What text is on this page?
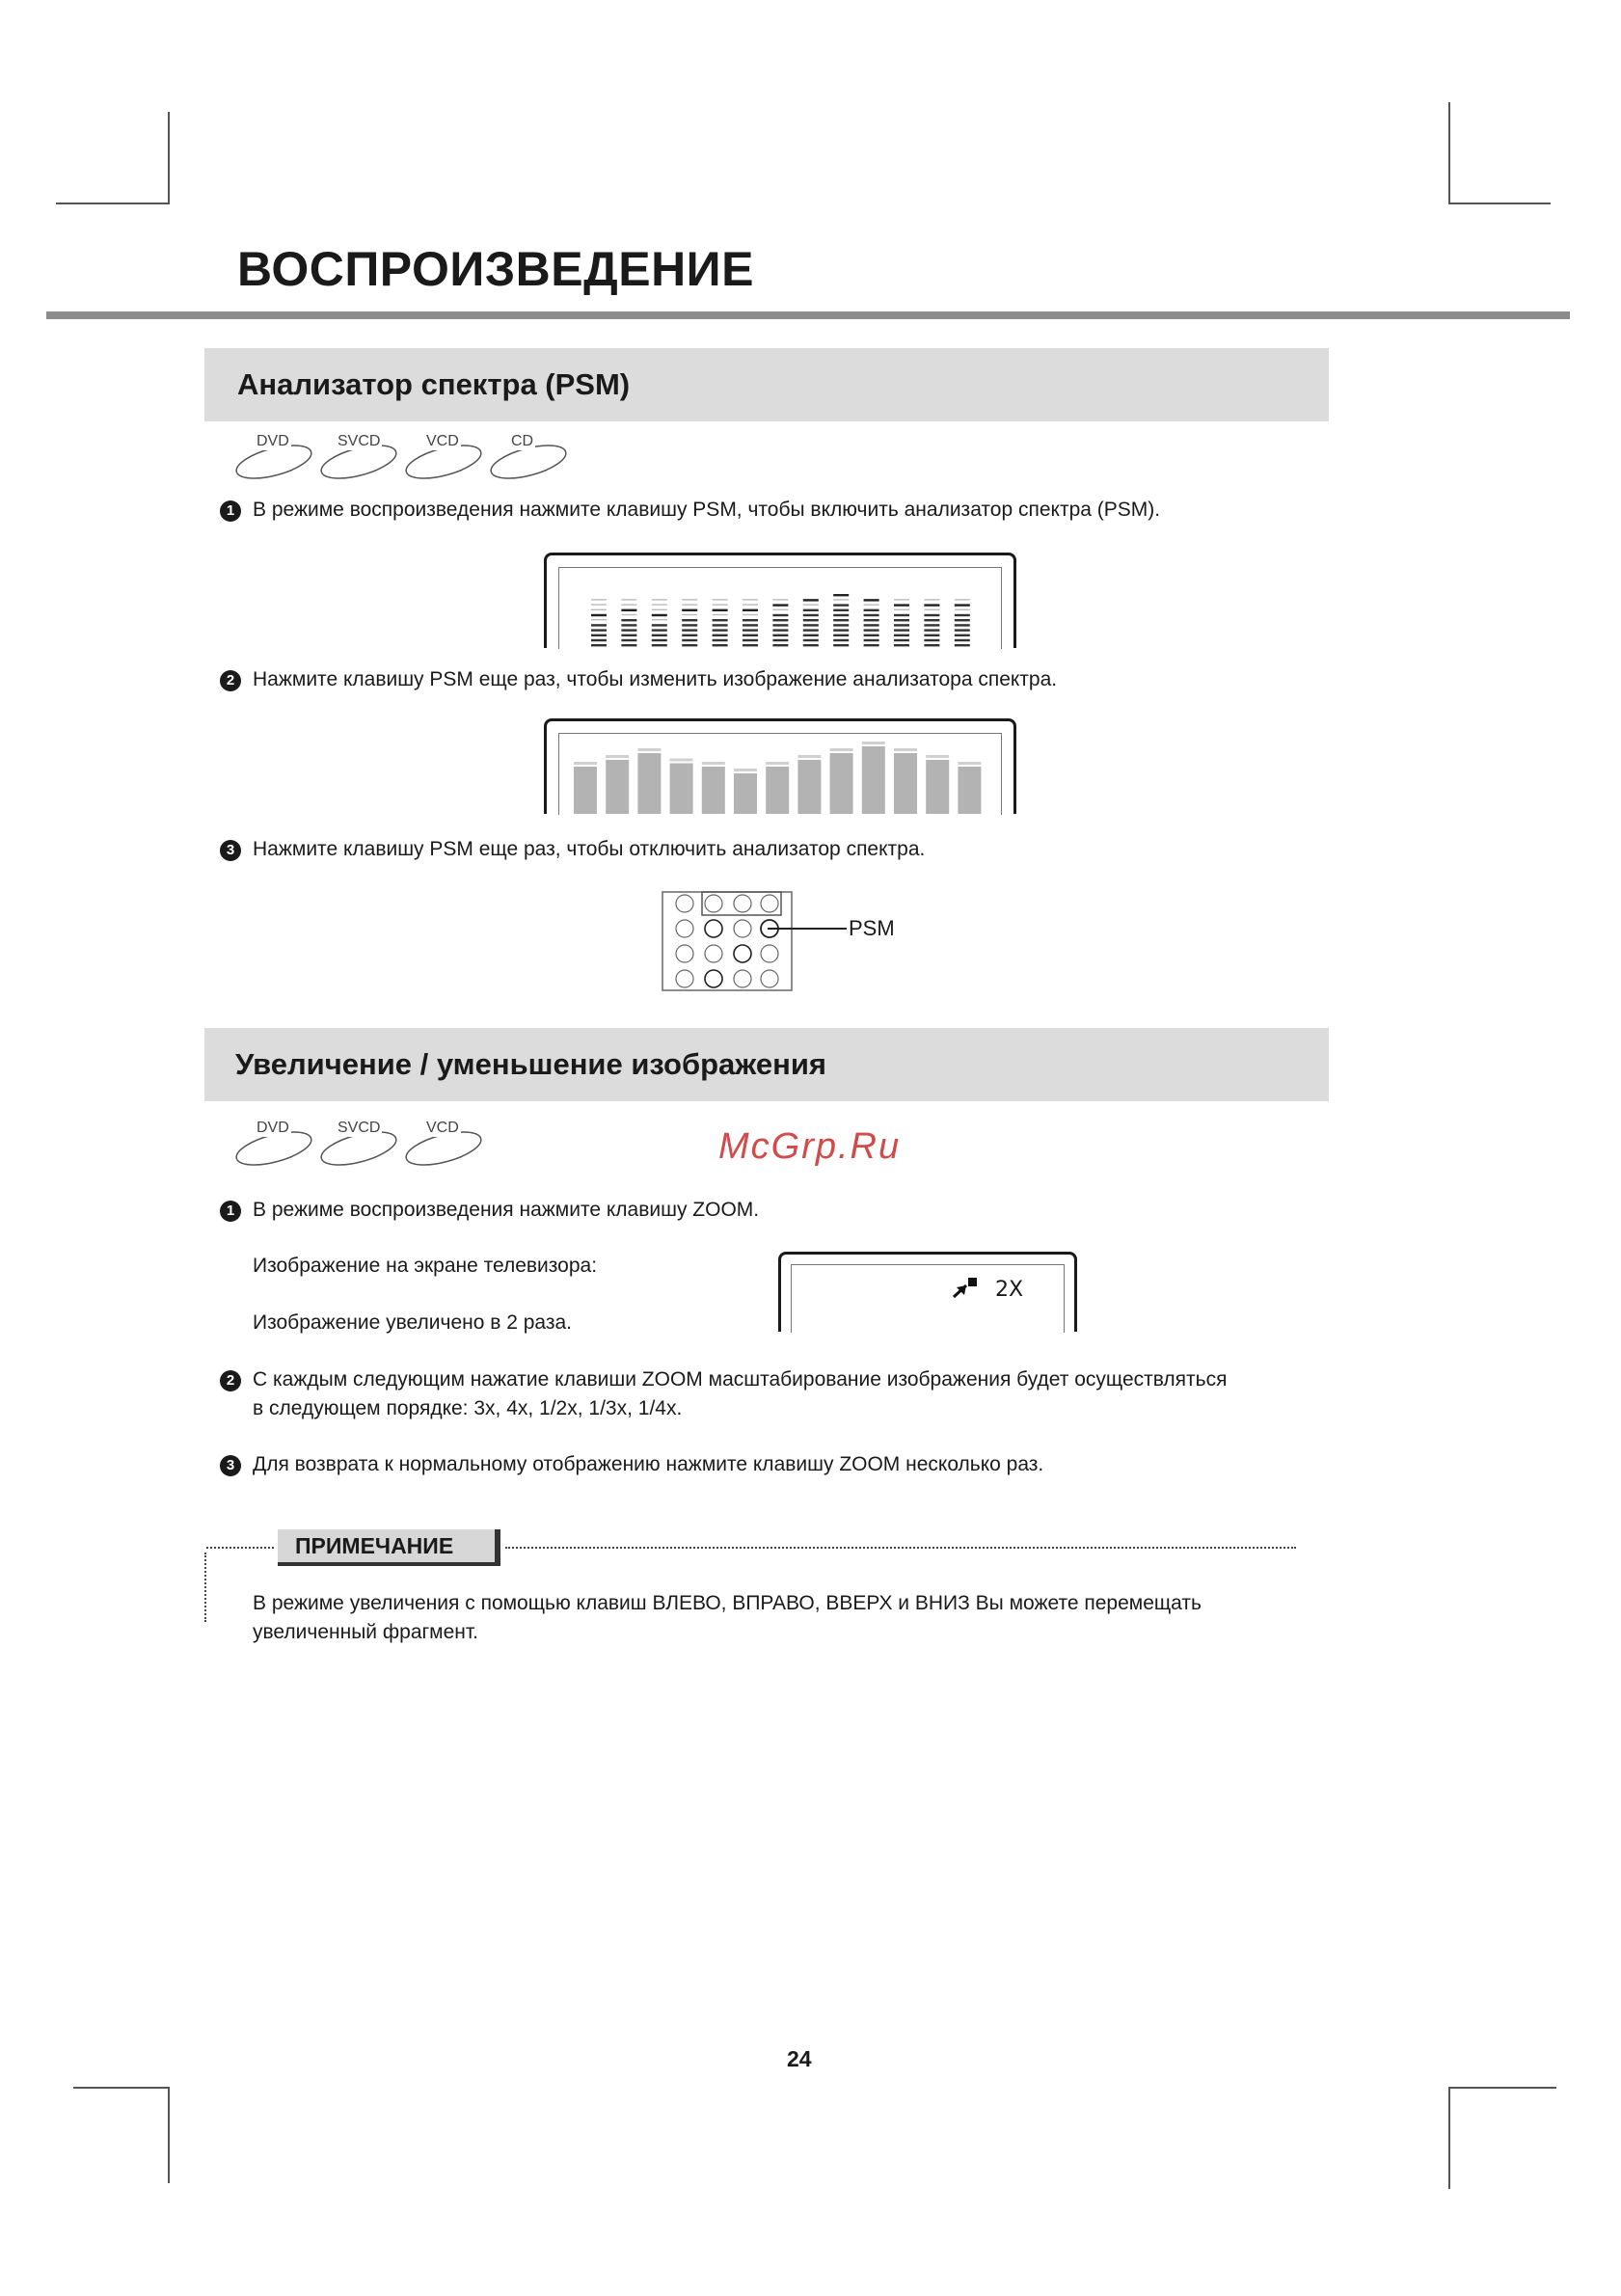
ВОСПРОИЗВЕДЕНИЕ
Анализатор спектра (PSM)
DVD	SVCD	VCD	CD
1 В режиме воспроизведения нажмите клавишу PSM, чтобы включить анализатор спектра (PSM).
2 Нажмите клавишу PSM еще раз, чтобы изменить изображение анализатора спектра.
3 Нажмите клавишу PSM еще раз, чтобы отключить анализатор спектра.
PSM
Увеличение / уменьшение изображения
DVD	SVCD	VCD	McGrp.Ru
1 В режиме воспроизведения нажмите клавишу ZOOM.
Изображение на экране телевизора:
Изображение увеличено в 2 раза.
2X
2 С каждым следующим нажатие клавиши ZOOM масштабирование изображения будет осуществляться
в следующем порядке: 3x, 4x, 1/2x, 1/3x, 1/4x.
3 Для возврата к нормальному отображению нажмите клавишу ZOOM несколько раз.
ПРИМЕЧАНИЕ
В режиме увеличения с помощью клавиш ВЛЕВО, ВПРАВО, ВВЕРХ и ВНИЗ Вы можете перемещать
увеличенный фрагмент.
24
